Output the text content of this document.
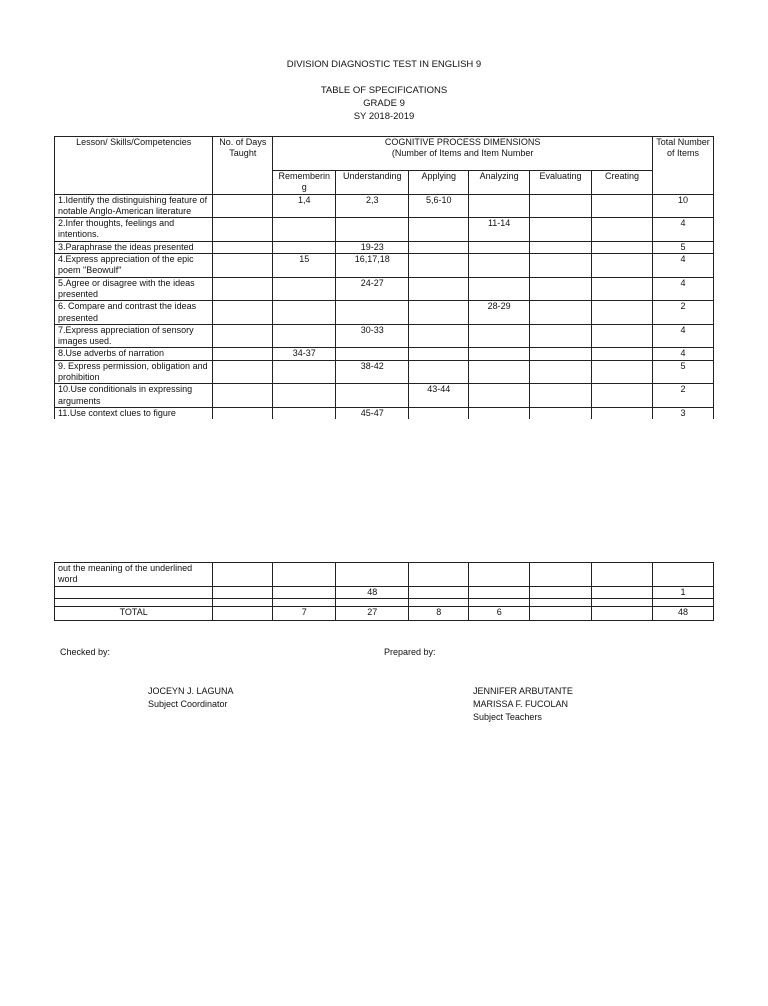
DIVISION DIAGNOSTIC TEST IN ENGLISH 9
TABLE OF SPECIFICATIONS
GRADE 9
SY 2018-2019
Lesson/ Skills/Competencies	No. of Days Taught	COGNITIVE PROCESS DIMENSIONS
(Number of Items and Item Number						Total Number of Items
		Rememberin g	Understanding	Applying	Analyzing	Evaluating	Creating	
1.Identify the distinguishing feature of notable Anglo-American literature		1,4	2,3	5,6-10				10
2.Infer thoughts, feelings and intentions.					11-14			4
3.Paraphrase the ideas presented			19-23					5
4.Express appreciation of the epic poem "Beowulf"		15	16,17,18					4
5.Agree or disagree with the ideas presented			24-27					4
6. Compare and contrast the ideas presented					28-29			2
7.Express appreciation of sensory images used.			30-33					4
8.Use adverbs of narration		34-37						4
9. Express permission, obligation and prohibition			38-42					5
10.Use conditionals in expressing arguments				43-44				2
11.Use context clues to figure			45-47					3
out the meaning of the underlined word								
			48					1

TOTAL		7	27	8	6			48
Checked by:	Prepared by:
JOCEYN J. LAGUNA
Subject Coordinator
JENNIFER ARBUTANTE
MARISSA F. FUCOLAN
Subject Teachers
